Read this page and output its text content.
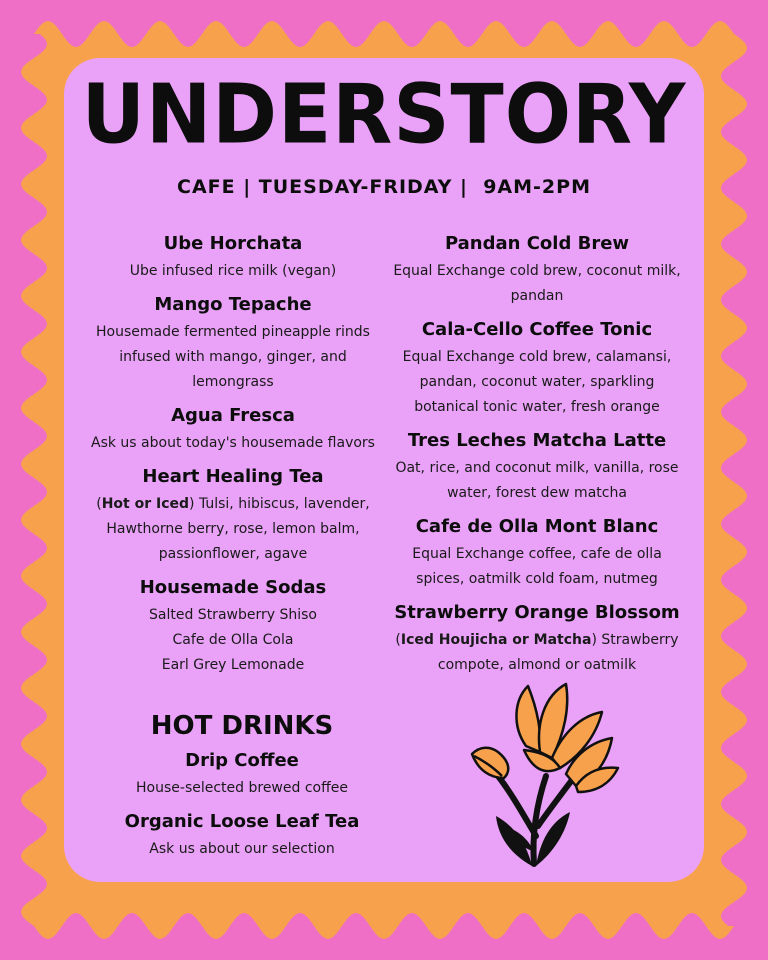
UNDERSTORY
CAFE | TUESDAY-FRIDAY |  9AM-2PM
Ube Horchata
Ube infused rice milk (vegan)
Mango Tepache
Housemade fermented pineapple rinds infused with mango, ginger, and lemongrass
Agua Fresca
Ask us about today's housemade flavors
Heart Healing Tea
(Hot or Iced) Tulsi, hibiscus, lavender, Hawthorne berry, rose, lemon balm, passionflower, agave
Housemade Sodas
Salted Strawberry Shiso
Cafe de Olla Cola
Earl Grey Lemonade
Pandan Cold Brew
Equal Exchange cold brew, coconut milk, pandan
Cala-Cello Coffee Tonic
Equal Exchange cold brew, calamansi, pandan, coconut water, sparkling botanical tonic water, fresh orange
Tres Leches Matcha Latte
Oat, rice, and coconut milk, vanilla, rose water, forest dew matcha
Cafe de Olla Mont Blanc
Equal Exchange coffee, cafe de olla spices, oatmilk cold foam, nutmeg
Strawberry Orange Blossom
(Iced Houjicha or Matcha) Strawberry compote, almond or oatmilk
HOT DRINKS
Drip Coffee
House-selected brewed coffee
Organic Loose Leaf Tea
Ask us about our selection
